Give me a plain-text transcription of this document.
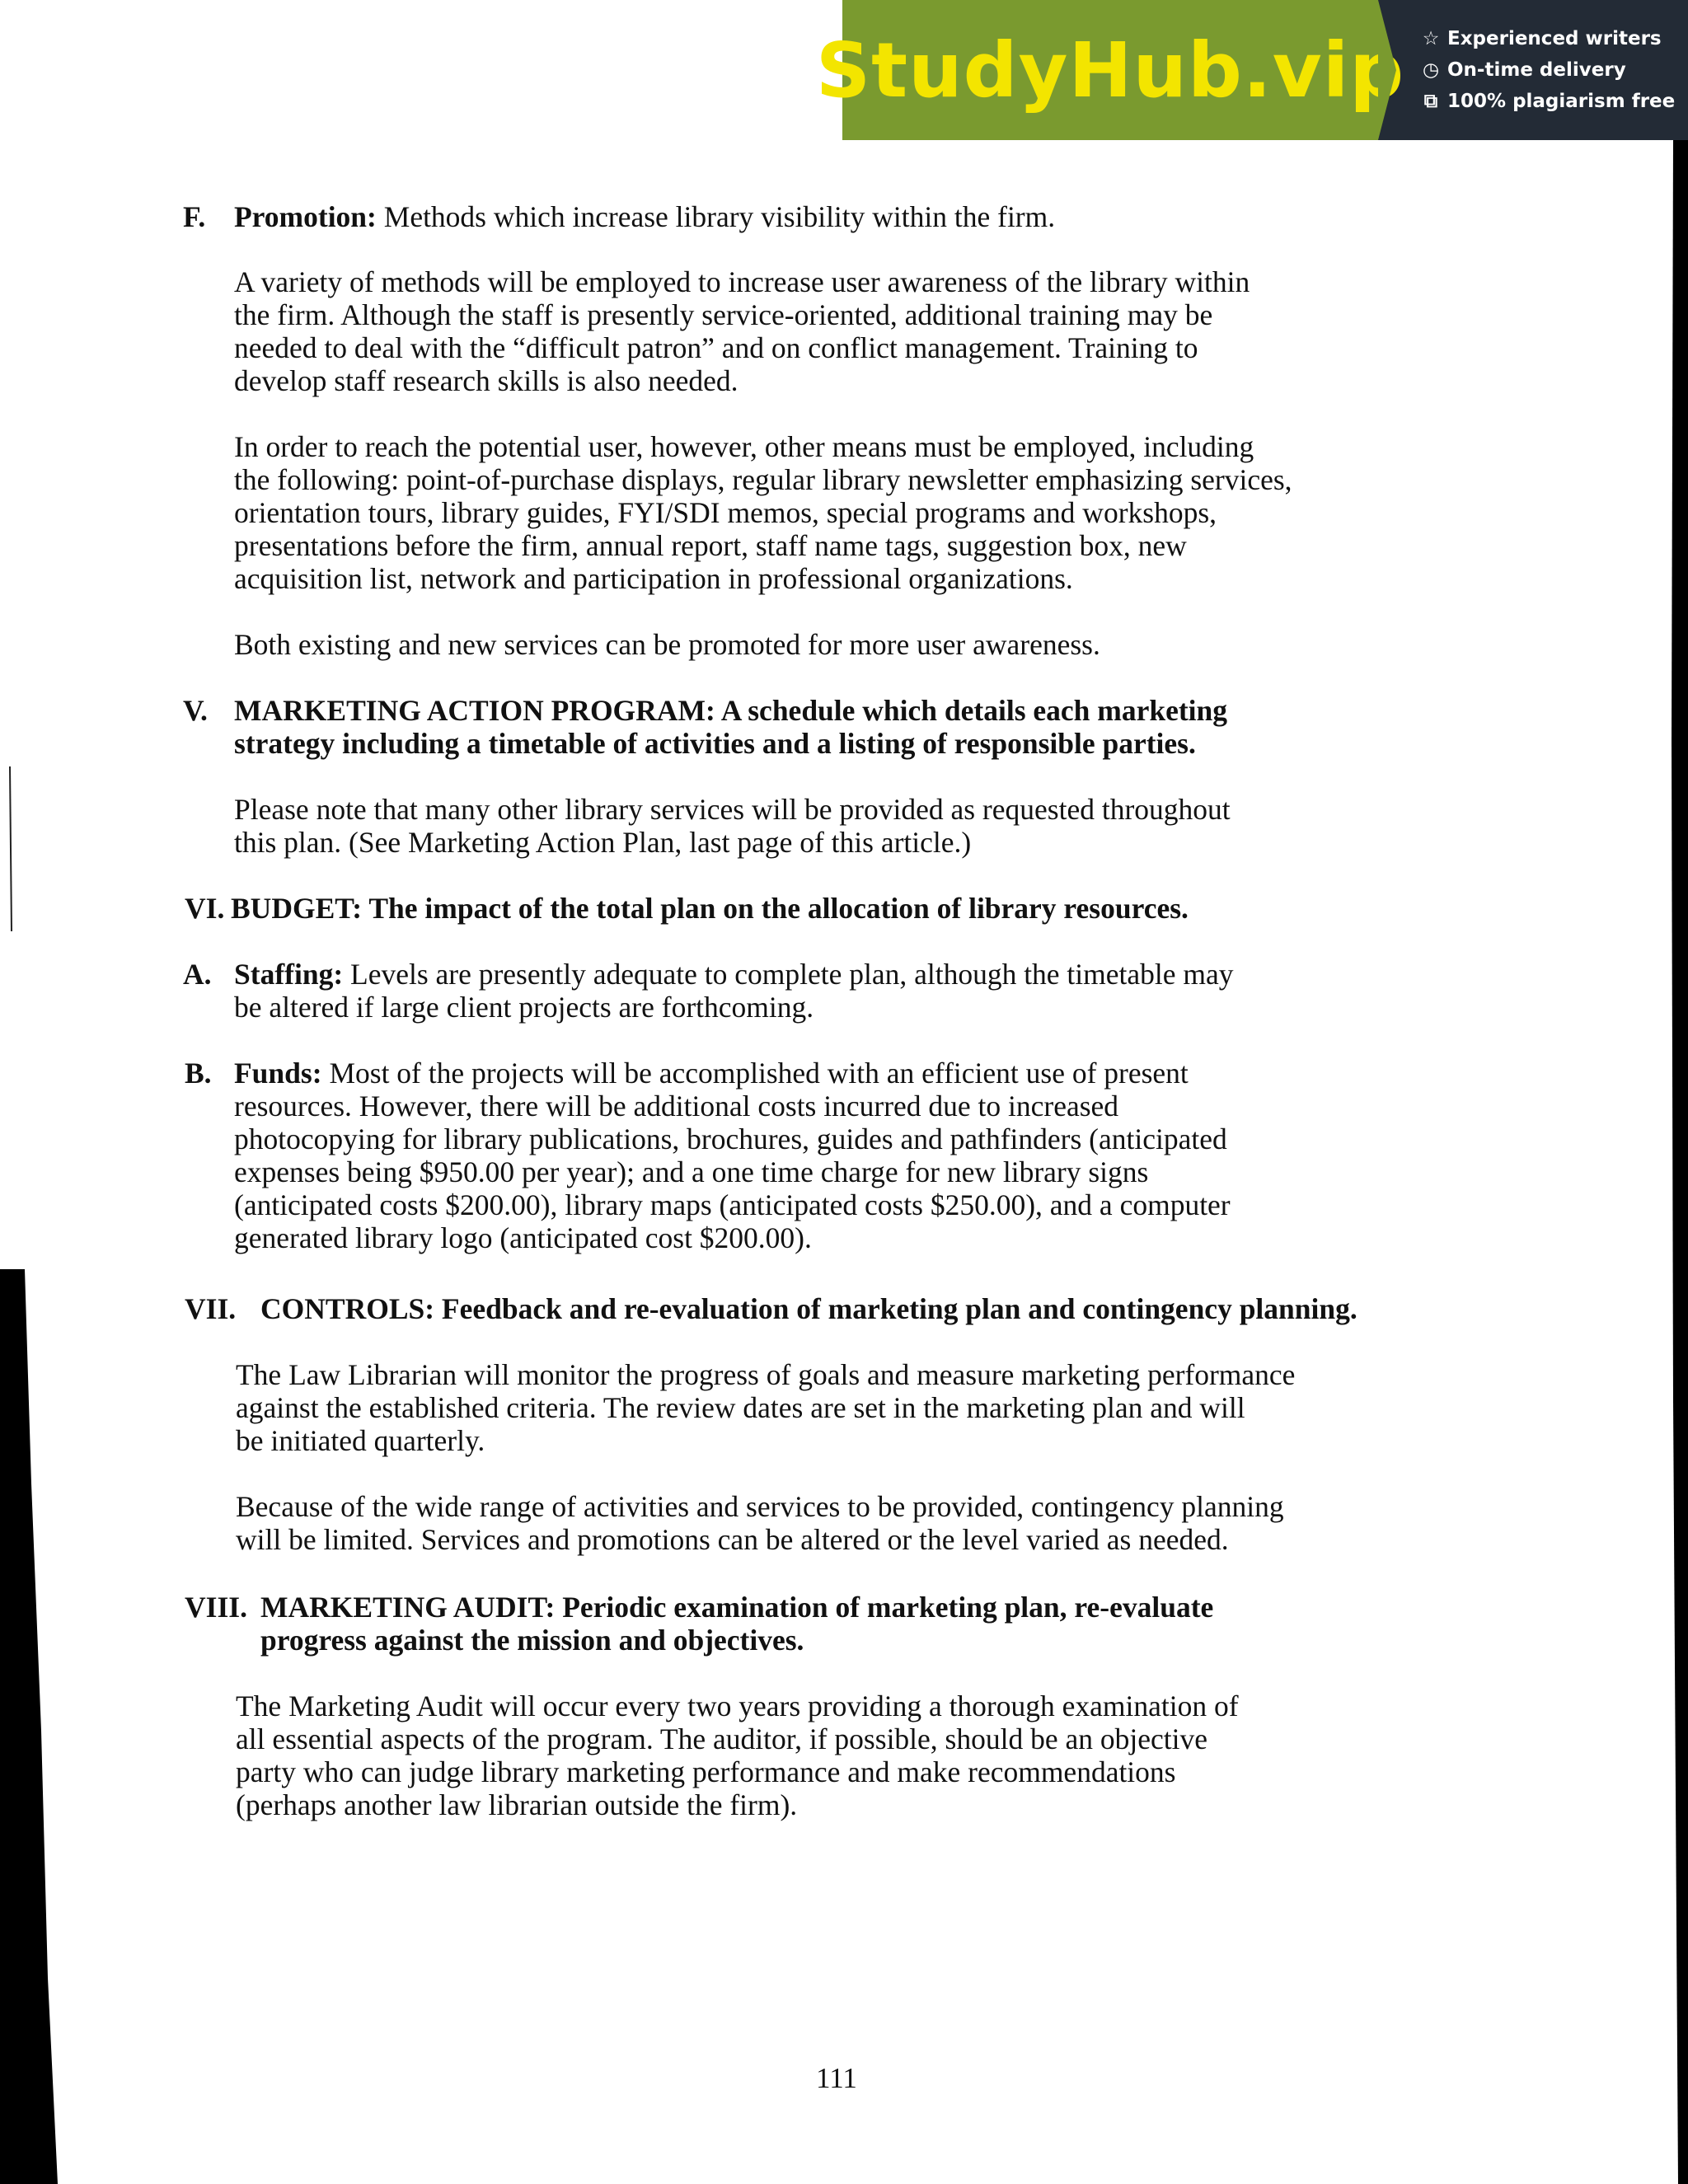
StudyHub.vip ☆ Experienced writers
◷ On-time delivery
⧉ 100% plagiarism free
F. Promotion: Methods which increase library visibility within the firm.
A variety of methods will be employed to increase user awareness of the library within
the firm. Although the staff is presently service-oriented, additional training may be
needed to deal with the “difficult patron” and on conflict management. Training to
develop staff research skills is also needed.
In order to reach the potential user, however, other means must be employed, including
the following: point-of-purchase displays, regular library newsletter emphasizing services,
orientation tours, library guides, FYI/SDI memos, special programs and workshops,
presentations before the firm, annual report, staff name tags, suggestion box, new
acquisition list, network and participation in professional organizations.
Both existing and new services can be promoted for more user awareness.
V. MARKETING ACTION PROGRAM: A schedule which details each marketing
strategy including a timetable of activities and a listing of responsible parties.
Please note that many other library services will be provided as requested throughout
this plan. (See Marketing Action Plan, last page of this article.)
VI. BUDGET: The impact of the total plan on the allocation of library resources.
A. Staffing: Levels are presently adequate to complete plan, although the timetable may
be altered if large client projects are forthcoming.
B. Funds: Most of the projects will be accomplished with an efficient use of present
resources. However, there will be additional costs incurred due to increased
photocopying for library publications, brochures, guides and pathfinders (anticipated
expenses being $950.00 per year); and a one time charge for new library signs
(anticipated costs $200.00), library maps (anticipated costs $250.00), and a computer
generated library logo (anticipated cost $200.00).
VII. CONTROLS: Feedback and re-evaluation of marketing plan and contingency planning.
The Law Librarian will monitor the progress of goals and measure marketing performance
against the established criteria. The review dates are set in the marketing plan and will
be initiated quarterly.
Because of the wide range of activities and services to be provided, contingency planning
will be limited. Services and promotions can be altered or the level varied as needed.
VIII. MARKETING AUDIT: Periodic examination of marketing plan, re-evaluate
progress against the mission and objectives.
The Marketing Audit will occur every two years providing a thorough examination of
all essential aspects of the program. The auditor, if possible, should be an objective
party who can judge library marketing performance and make recommendations
(perhaps another law librarian outside the firm).
111
